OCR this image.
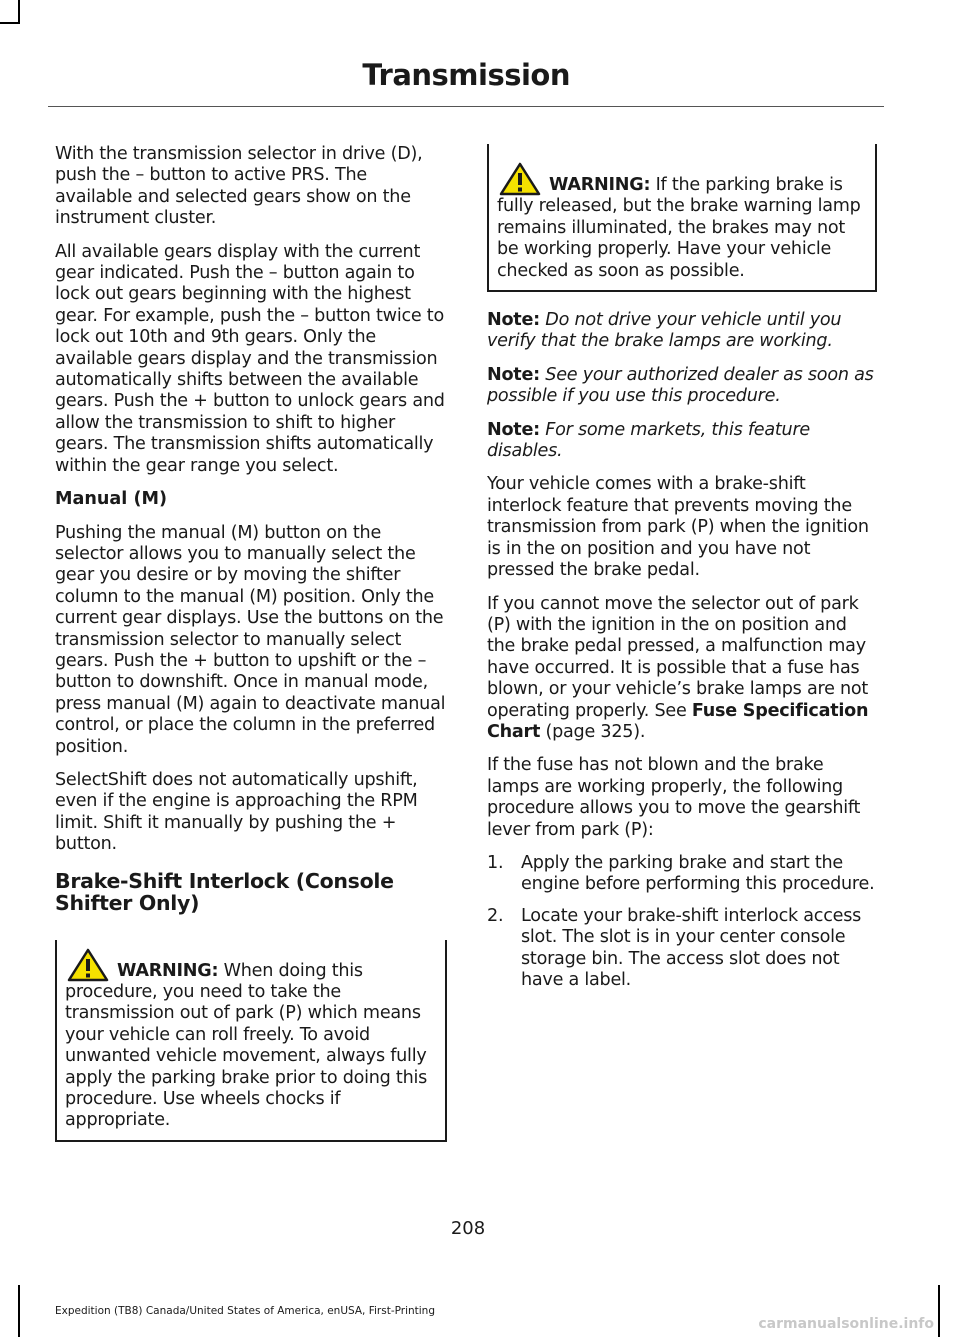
Transmission

With the transmission selector in drive (D), push the – button to active PRS. The available and selected gears show on the instrument cluster.

All available gears display with the current gear indicated. Push the – button again to lock out gears beginning with the highest gear. For example, push the – button twice to lock out 10th and 9th gears. Only the available gears display and the transmission automatically shifts between the available gears. Push the + button to unlock gears and allow the transmission to shift to higher gears. The transmission shifts automatically within the gear range you select.

Manual (M)

Pushing the manual (M) button on the selector allows you to manually select the gear you desire or by moving the shifter column to the manual (M) position. Only the current gear displays. Use the buttons on the transmission selector to manually select gears. Push the + button to upshift or the – button to downshift. Once in manual mode, press manual (M) again to deactivate manual control, or place the column in the preferred position.

SelectShift does not automatically upshift, even if the engine is approaching the RPM limit. Shift it manually by pushing the + button.

Brake-Shift Interlock (Console Shifter Only)
WARNING: When doing this procedure, you need to take the transmission out of park (P) which means your vehicle can roll freely. To avoid unwanted vehicle movement, always fully apply the parking brake prior to doing this procedure. Use wheels chocks if appropriate.
WARNING: If the parking brake is fully released, but the brake warning lamp remains illuminated, the brakes may not be working properly. Have your vehicle checked as soon as possible.

Note: Do not drive your vehicle until you verify that the brake lamps are working.

Note: See your authorized dealer as soon as possible if you use this procedure.

Note: For some markets, this feature disables.

Your vehicle comes with a brake-shift interlock feature that prevents moving the transmission from park (P) when the ignition is in the on position and you have not pressed the brake pedal.

If you cannot move the selector out of park (P) with the ignition in the on position and the brake pedal pressed, a malfunction may have occurred. It is possible that a fuse has blown, or your vehicle’s brake lamps are not operating properly. See Fuse Specification Chart (page 325).

If the fuse has not blown and the brake lamps are working properly, the following procedure allows you to move the gearshift lever from park (P):

1. Apply the parking brake and start the engine before performing this procedure.
2. Locate your brake-shift interlock access slot. The slot is in your center console storage bin. The access slot does not have a label.
208
Expedition (TB8) Canada/United States of America, enUSA, First-Printing
carmanualsonline.info
